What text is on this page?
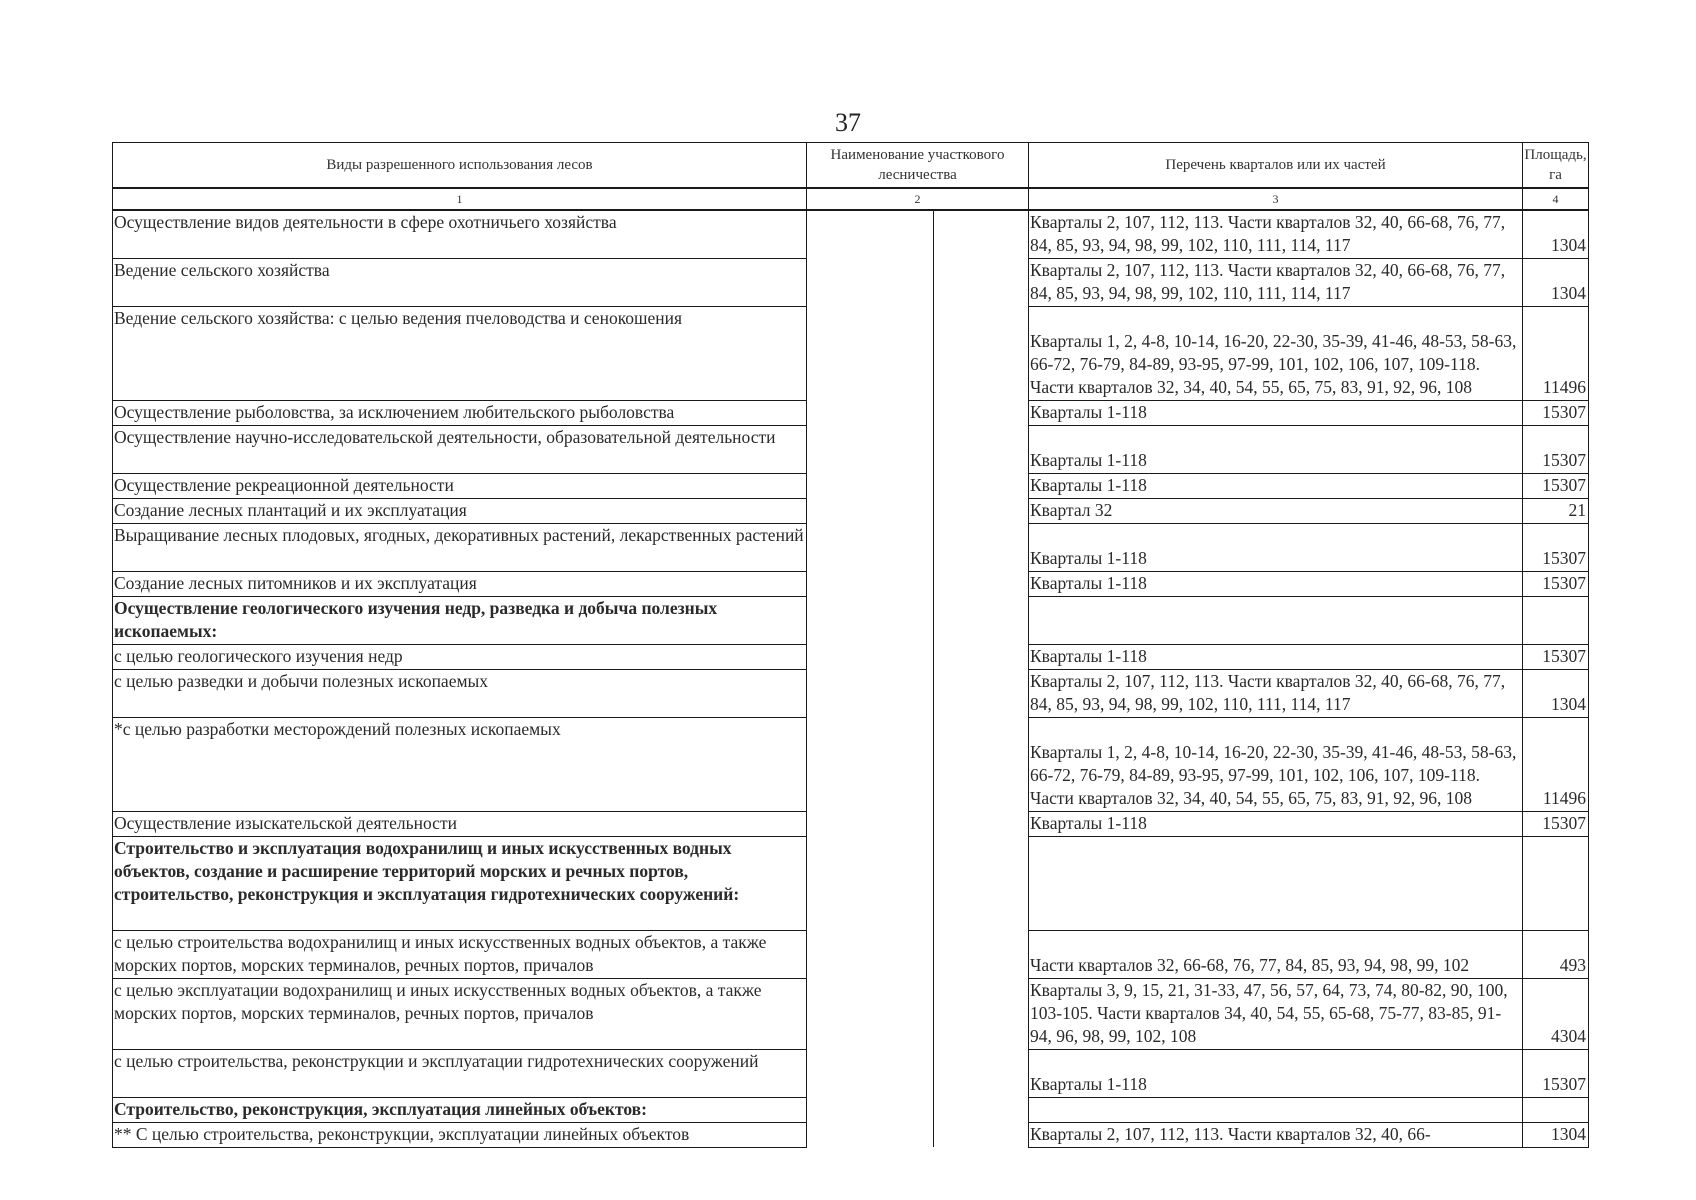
37
Виды разрешенного использования лесов	Наименование участкового лесничества	Перечень кварталов или их частей	Площадь, га
1	2	3	4
Осуществление видов деятельности в сфере охотничьего хозяйства		Кварталы 2, 107, 112, 113. Части кварталов 32, 40, 66-68, 76, 77, 84, 85, 93, 94, 98, 99, 102, 110, 111, 114, 117	1304
Ведение сельского хозяйства		Кварталы 2, 107, 112, 113. Части кварталов 32, 40, 66-68, 76, 77, 84, 85, 93, 94, 98, 99, 102, 110, 111, 114, 117	1304
Ведение сельского хозяйства: с целью ведения пчеловодства и сенокошения		Кварталы 1, 2, 4-8, 10-14, 16-20, 22-30, 35-39, 41-46, 48-53, 58-63, 66-72, 76-79, 84-89, 93-95, 97-99, 101, 102, 106, 107, 109-118. Части кварталов 32, 34, 40, 54, 55, 65, 75, 83, 91, 92, 96, 108	11496
Осуществление рыболовства, за исключением любительского рыболовства		Кварталы 1-118	15307
Осуществление научно-исследовательской деятельности, образовательной деятельности		Кварталы 1-118	15307
Осуществление рекреационной деятельности		Кварталы 1-118	15307
Создание лесных плантаций и их эксплуатация		Квартал 32	21
Выращивание лесных плодовых, ягодных, декоративных растений, лекарственных растений		Кварталы 1-118	15307
Создание лесных питомников и их эксплуатация		Кварталы 1-118	15307
Осуществление геологического изучения недр, разведка и добыча полезных ископаемых:			
с целью геологического изучения недр		Кварталы 1-118	15307
с целью разведки и добычи полезных ископаемых		Кварталы 2, 107, 112, 113. Части кварталов 32, 40, 66-68, 76, 77, 84, 85, 93, 94, 98, 99, 102, 110, 111, 114, 117	1304
*с целью разработки месторождений полезных ископаемых		Кварталы 1, 2, 4-8, 10-14, 16-20, 22-30, 35-39, 41-46, 48-53, 58-63, 66-72, 76-79, 84-89, 93-95, 97-99, 101, 102, 106, 107, 109-118. Части кварталов 32, 34, 40, 54, 55, 65, 75, 83, 91, 92, 96, 108	11496
Осуществление изыскательской деятельности		Кварталы 1-118	15307
Строительство и эксплуатация водохранилищ и иных искусственных водных объектов, создание и расширение территорий морских и речных портов, строительство, реконструкция и эксплуатация гидротехнических сооружений:			
с целью строительства водохранилищ и иных искусственных водных объектов, а также морских портов, морских терминалов, речных портов, причалов		Части кварталов 32, 66-68, 76, 77, 84, 85, 93, 94, 98, 99, 102	493
с целью эксплуатации водохранилищ и иных искусственных водных объектов, а также морских портов, морских терминалов, речных портов, причалов		Кварталы 3, 9, 15, 21, 31-33, 47, 56, 57, 64, 73, 74, 80-82, 90, 100, 103-105. Части кварталов 34, 40, 54, 55, 65-68, 75-77, 83-85, 91-94, 96, 98, 99, 102, 108	4304
с целью строительства, реконструкции и эксплуатации гидротехнических сооружений		Кварталы 1-118	15307
Строительство, реконструкция, эксплуатация линейных объектов:			
** С целью строительства, реконструкции, эксплуатации линейных объектов		Кварталы 2, 107, 112, 113. Части кварталов 32, 40, 66-	1304
